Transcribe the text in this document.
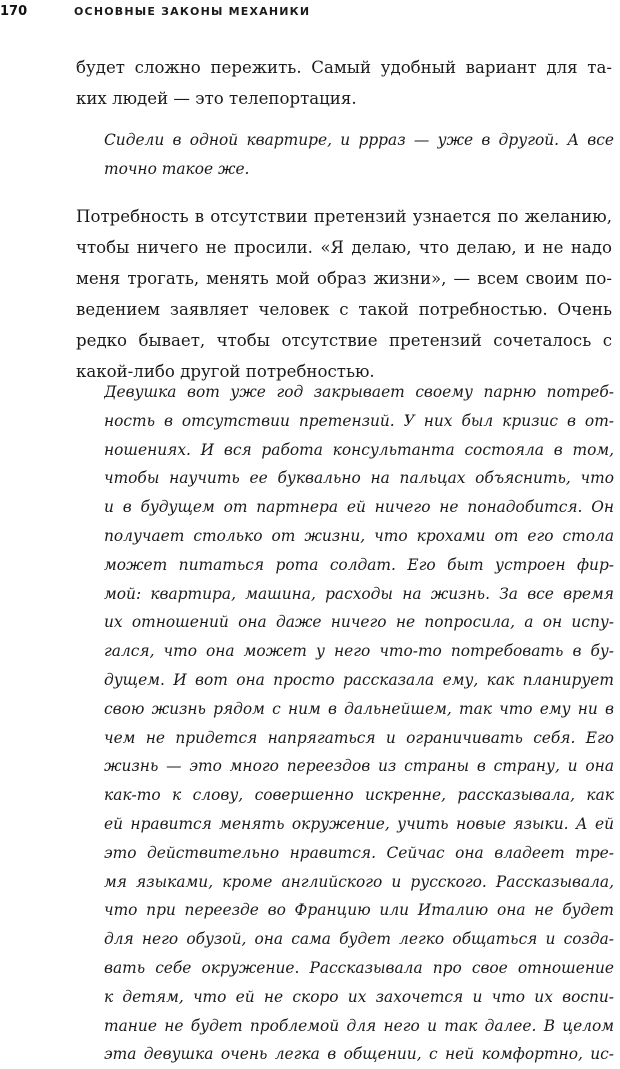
170	ОСНОВНЫЕ ЗАКОНЫ МЕХАНИКИ
будет сложно пережить. Самый удобный вариант для та-
ких людей — это телепортация.
Сидели в одной квартире, и ррраз — уже в другой. А все
точно такое же.
Потребность в отсутствии претензий узнается по желанию,
чтобы ничего не просили. «Я делаю, что делаю, и не надо
меня трогать, менять мой образ жизни», — всем своим по-
ведением заявляет человек с такой потребностью. Очень
редко бывает, чтобы отсутствие претензий сочеталось с
какой-либо другой потребностью.
Девушка вот уже год закрывает своему парню потреб-
ность в отсутствии претензий. У них был кризис в от-
ношениях. И вся работа консультанта состояла в том,
чтобы научить ее буквально на пальцах объяснить, что
и в будущем от партнера ей ничего не понадобится. Он
получает столько от жизни, что крохами от его стола
может питаться рота солдат. Его быт устроен фир-
мой: квартира, машина, расходы на жизнь. За все время
их отношений она даже ничего не попросила, а он испу-
гался, что она может у него что-то потребовать в бу-
дущем. И вот она просто рассказала ему, как планирует
свою жизнь рядом с ним в дальнейшем, так что ему ни в
чем не придется напрягаться и ограничивать себя. Его
жизнь — это много переездов из страны в страну, и она
как-то к слову, совершенно искренне, рассказывала, как
ей нравится менять окружение, учить новые языки. А ей
это действительно нравится. Сейчас она владеет тре-
мя языками, кроме английского и русского. Рассказывала,
что при переезде во Францию или Италию она не будет
для него обузой, она сама будет легко общаться и созда-
вать себе окружение. Рассказывала про свое отношение
к детям, что ей не скоро их захочется и что их воспи-
тание не будет проблемой для него и так далее. В целом
эта девушка очень легка в общении, с ней комфортно, ис-
